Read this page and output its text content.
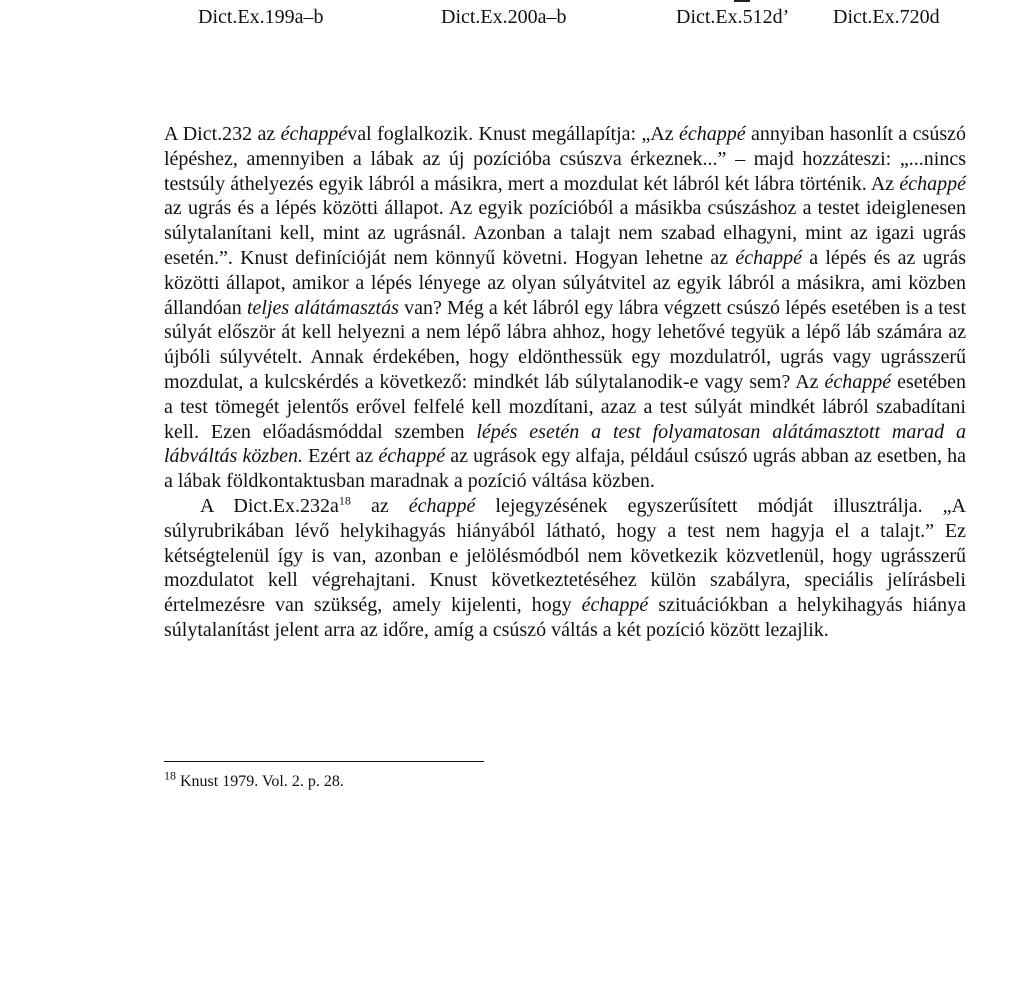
Dict.Ex.199a–b	Dict.Ex.200a–b	Dict.Ex.512d’ Dict.Ex.720d

A Dict.232 az échappéval foglalkozik. Knust megállapítja: „Az échappé annyiban hasonlít a csúszó lépéshez, amennyiben a lábak az új pozícióba csúszva érkeznek...” – majd hozzáteszi: „...nincs testsúly áthelyezés egyik lábról a másikra, mert a mozdulat két lábról két lábra történik. Az échappé az ugrás és a lépés közötti állapot. Az egyik pozícióból a másikba csúszáshoz a testet ideiglenesen súlytalanítani kell, mint az ugrásnál. Azonban a talajt nem szabad elhagyni, mint az igazi ugrás esetén.”. Knust definícióját nem könnyű követni. Hogyan lehetne az échappé a lépés és az ugrás közötti állapot, amikor a lépés lényege az olyan súlyátvitel az egyik lábról a másikra, ami közben állandóan teljes alátámasztás van? Még a két lábról egy lábra végzett csúszó lépés esetében is a test súlyát először át kell helyezni a nem lépő lábra ahhoz, hogy lehetővé tegyük a lépő láb számára az újbóli súlyvételt. Annak érdekében, hogy eldönthessük egy mozdulatról, ugrás vagy ugrásszerű mozdulat, a kulcskérdés a következő: mindkét láb súlytalanodik-e vagy sem? Az échappé esetében a test tömegét jelentős erővel felfelé kell mozdítani, azaz a test súlyát mindkét lábról szabadítani kell. Ezen előadásmóddal szemben lépés esetén a test folyamatosan alátámasztott marad a lábváltás közben. Ezért az échappé az ugrások egy alfaja, például csúszó ugrás abban az esetben, ha a lábak földkontaktusban maradnak a pozíció váltása közben.

A $Dict.Ex.232a^{18}$ az échappé lejegyzésének egyszerűsített módját illusztrálja. „A súlyrubrikában lévő helykihagyás hiányából látható, hogy a test nem hagyja el a talajt.” Ez kétségtelenül így is van, azonban e jelölésmódból nem következik közvetlenül, hogy ugrásszerű mozdulatot kell végrehajtani. Knust következtetéséhez külön szabályra, speciális jelírásbeli értelmezésre van szükség, amely kijelenti, hogy échappé szituációkban a helykihagyás hiánya súlytalanítást jelent arra az időre, amíg a csúszó váltás a két pozíció között lezajlik.

$^{18}$ Knust 1979. Vol. 2. p. 28.
